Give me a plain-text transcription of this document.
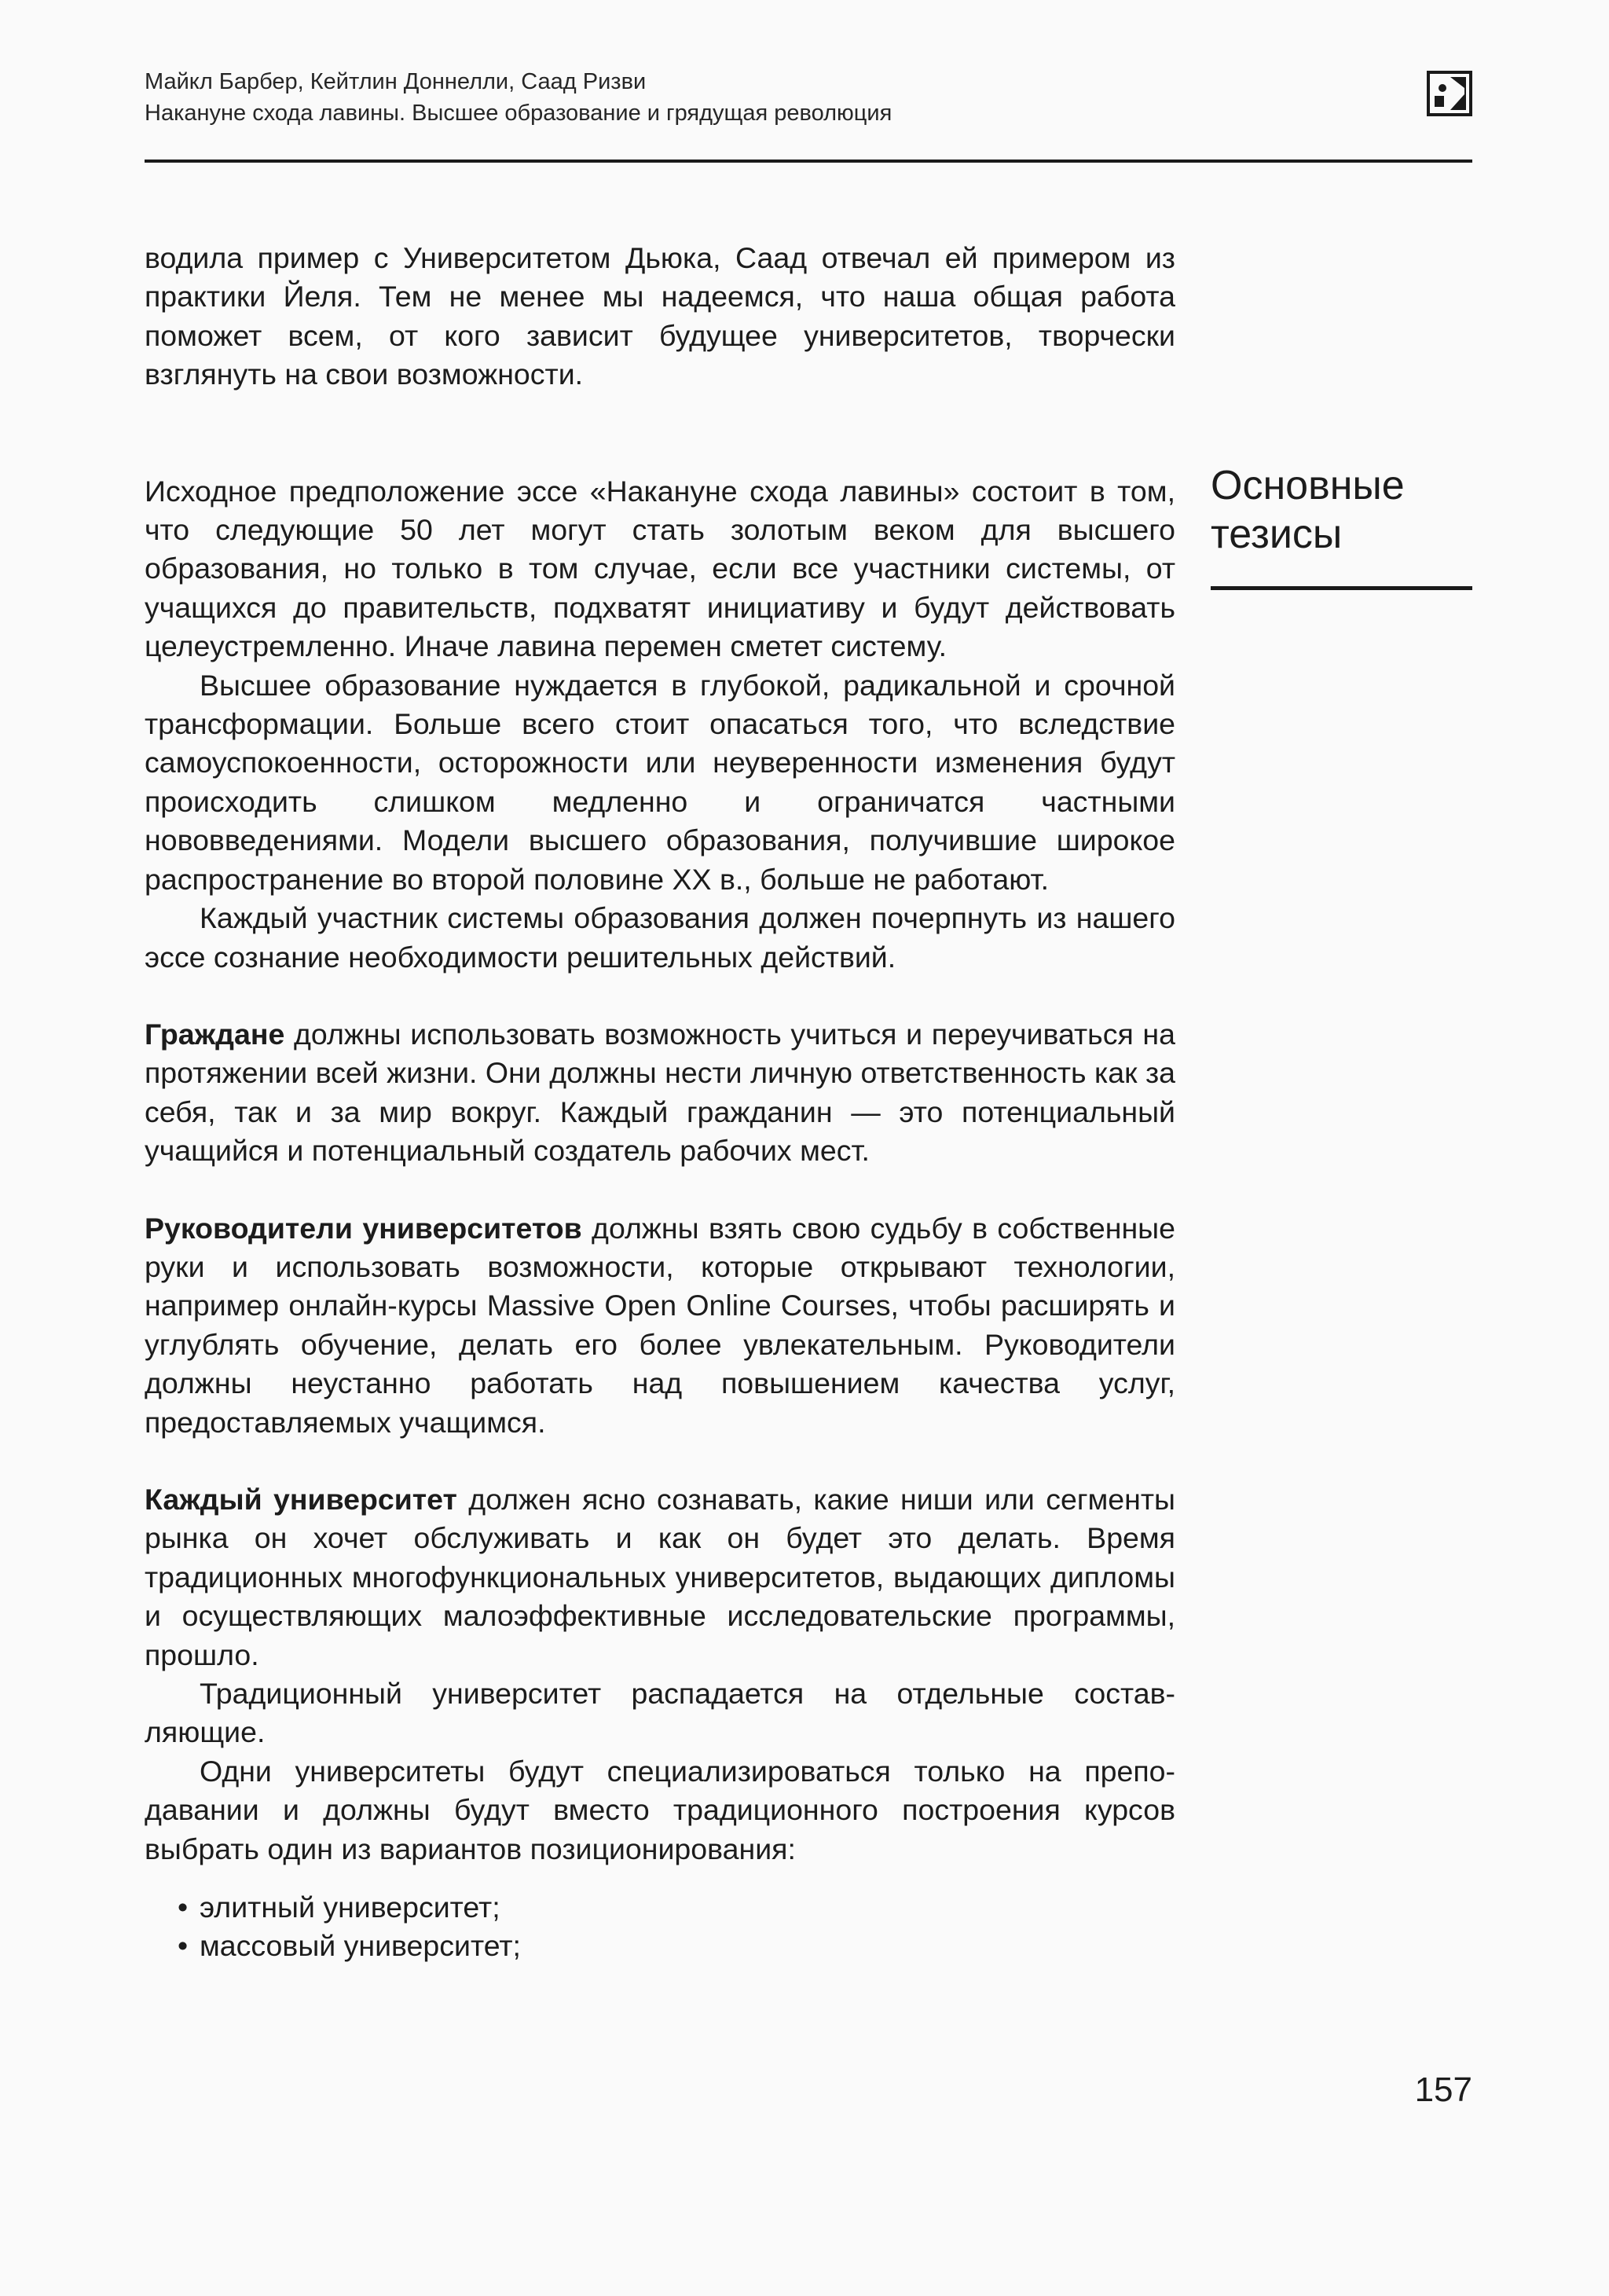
Майкл Барбер, Кейтлин Доннелли, Саад Ризви
Накануне схода лавины. Высшее образование и грядущая революция
Основные
тезисы

водила пример с Университетом Дьюка, Саад отвечал ей примером из практики Йеля. Тем не менее мы надеемся, что наша общая работа поможет всем, от кого зависит будущее университетов, творчески взглянуть на свои возможности.

Исходное предположение эссе «Накануне схода лавины» состоит в том, что следующие 50 лет могут стать золотым веком для высшего образования, но только в том случае, если все участники системы, от учащихся до правительств, подхватят инициативу и будут действовать целеустремленно. Иначе лавина перемен сметет систему.

Высшее образование нуждается в глубокой, радикальной и срочной трансформации. Больше всего стоит опасаться того, что вследствие самоуспокоенности, осторожности или неуверенности изменения будут происходить слишком медленно и ограничатся частными нововведениями. Модели высшего образования, получившие широкое распространение во второй половине XX в., больше не работают.

Каждый участник системы образования должен почерпнуть из нашего эссе сознание необходимости решительных действий.

Граждане должны использовать возможность учиться и переучиваться на протяжении всей жизни. Они должны нести личную ответственность как за себя, так и за мир вокруг. Каждый гражданин — это потенциальный учащийся и потенциальный создатель рабочих мест.

Руководители университетов должны взять свою судьбу в собственные руки и использовать возможности, которые открывают технологии, например онлайн-курсы Massive Open Online Courses, чтобы расширять и углублять обучение, делать его более увлекательным. Руководители должны неустанно работать над повышением качества услуг, предоставляемых учащимся.

Каждый университет должен ясно сознавать, какие ниши или сегменты рынка он хочет обслуживать и как он будет это делать. Время традиционных многофункциональных университетов, выдающих дипломы и осуществляющих малоэффективные исследовательские программы, прошло.

Традиционный университет распадается на отдельные составляющие.

Одни университеты будут специализироваться только на преподавании и должны будут вместо традиционного построения курсов выбрать один из вариантов позиционирования:

• элитный университет;
• массовый университет;
157
